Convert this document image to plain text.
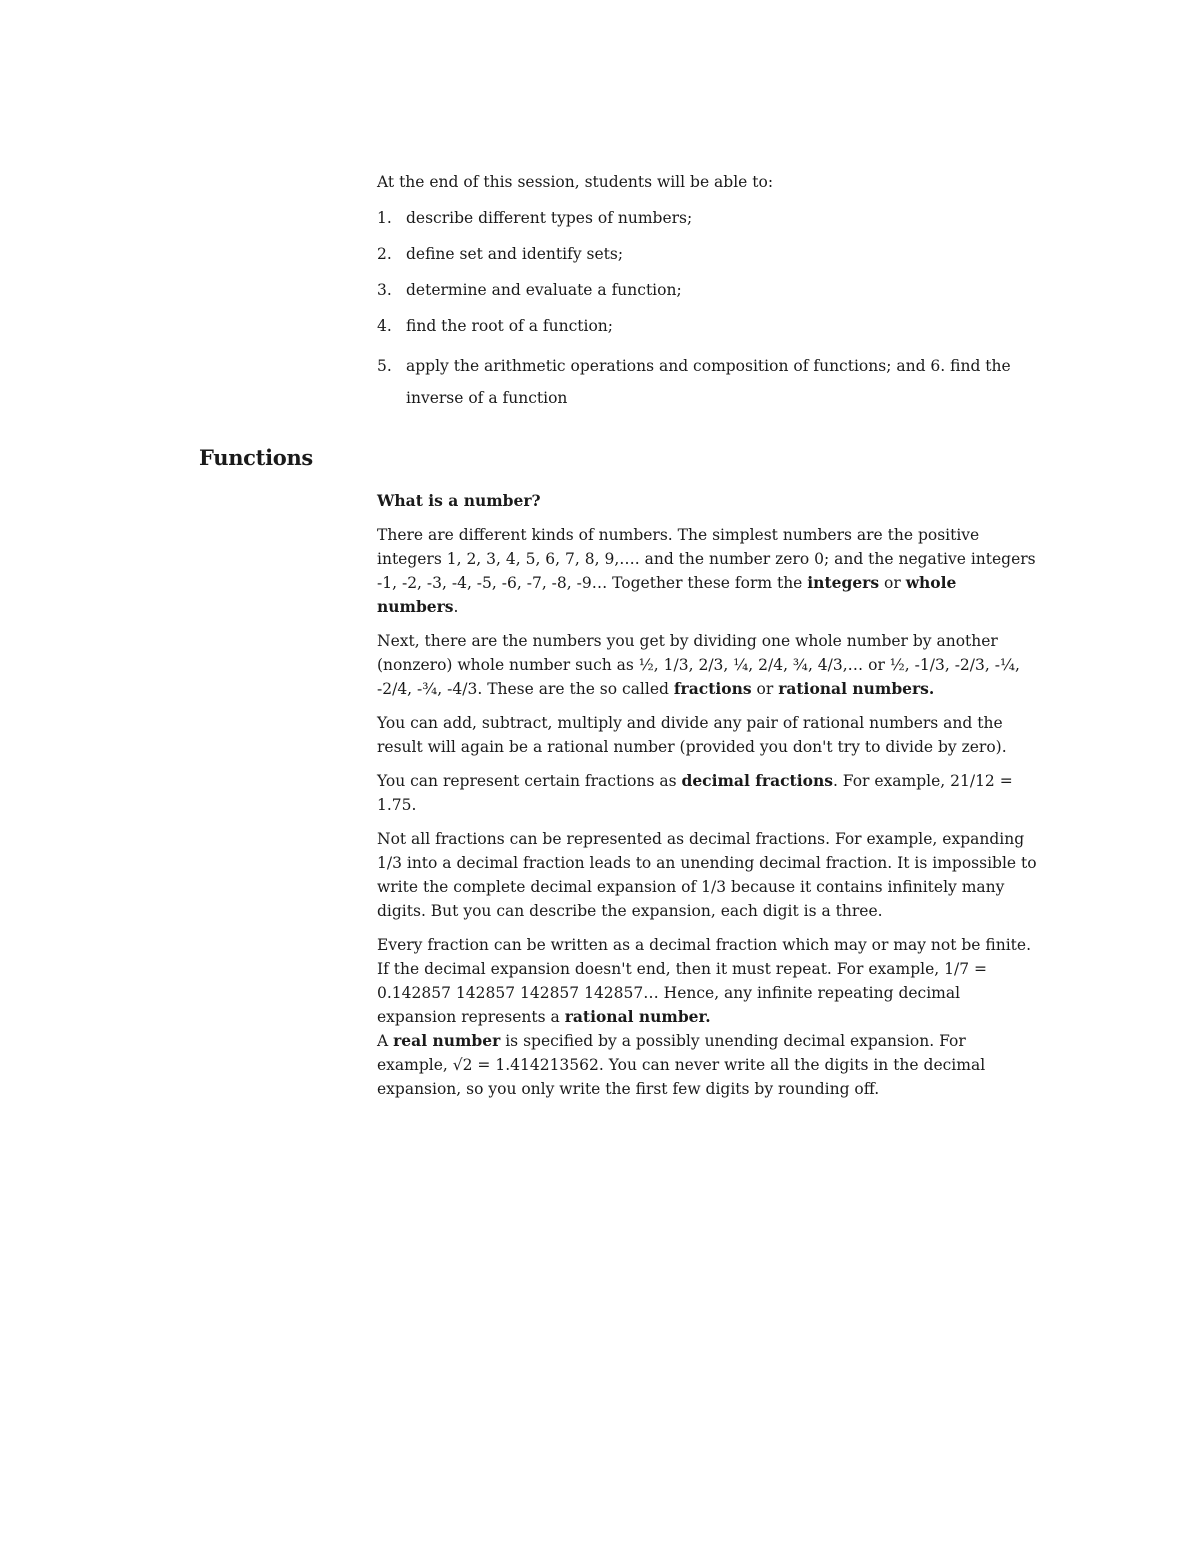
At the end of this session, students will be able to:

1. describe different types of numbers;
2. define set and identify sets;
3. determine and evaluate a function;
4. find the root of a function;
5. apply the arithmetic operations and composition of functions; and 6. find the inverse of a function
Functions

What is a number?

There are different kinds of numbers. The simplest numbers are the positive integers 1, 2, 3, 4, 5, 6, 7, 8, 9,…. and the number zero 0; and the negative integers -1, -2, -3, -4, -5, -6, -7, -8, -9… Together these form the integers or whole numbers.

Next, there are the numbers you get by dividing one whole number by another (nonzero) whole number such as ½, 1/3, 2/3, ¼, 2/4, ¾, 4/3,… or ½, -1/3, -2/3, -¼, -2/4, -¾, -4/3. These are the so called fractions or rational numbers.

You can add, subtract, multiply and divide any pair of rational numbers and the result will again be a rational number (provided you don't try to divide by zero).

You can represent certain fractions as decimal fractions. For example, 21/12 = 1.75.

Not all fractions can be represented as decimal fractions. For example, expanding 1/3 into a decimal fraction leads to an unending decimal fraction. It is impossible to write the complete decimal expansion of 1/3 because it contains infinitely many digits. But you can describe the expansion, each digit is a three.

Every fraction can be written as a decimal fraction which may or may not be finite. If the decimal expansion doesn't end, then it must repeat. For example, 1/7 = 0.142857 142857 142857 142857… Hence, any infinite repeating decimal expansion represents a rational number.

A real number is specified by a possibly unending decimal expansion. For example, √2 = 1.414213562. You can never write all the digits in the decimal expansion, so you only write the first few digits by rounding off.
